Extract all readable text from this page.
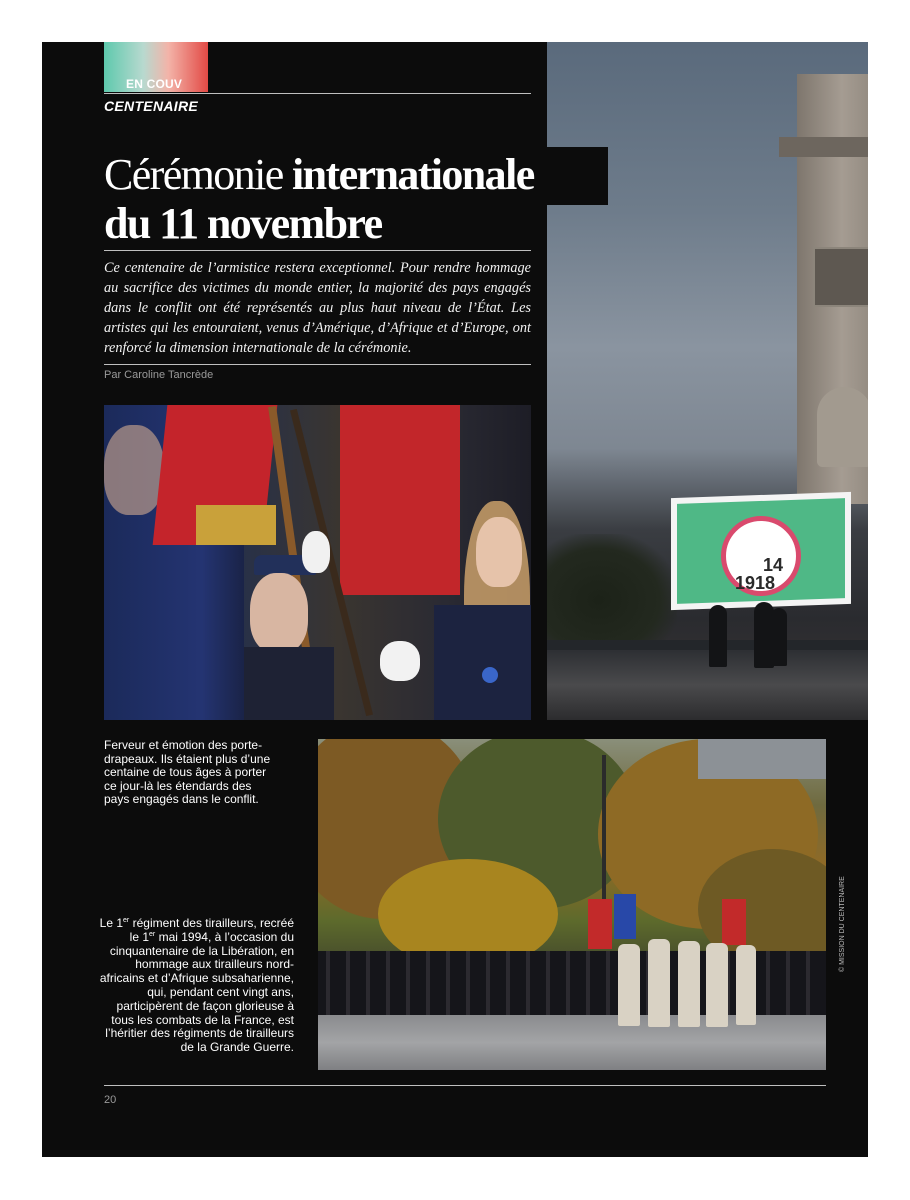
EN COUV
CENTENAIRE
14
1918
Cérémonie internationale
du 11 novembre

Ce centenaire de l’armistice restera exceptionnel. Pour rendre hommage au sacrifice des victimes du monde entier, la majorité des pays engagés dans le conflit ont été représentés au plus haut niveau de l’État. Les artistes qui les entouraient, venus d’Amérique, d’Afrique et d’Europe, ont renforcé la dimension internationale de la cérémonie.

Par Caroline Tancrède

Ferveur et émotion des porte-drapeaux. Ils étaient plus d’une centaine de tous âges à porter ce jour-là les étendards des pays engagés dans le conflit.

Le 1er régiment des tirailleurs, recréé le 1er mai 1994, à l’occasion du cinquantenaire de la Libération, en hommage aux tirailleurs nord-africains et d’Afrique subsaharienne, qui, pendant cent vingt ans, participèrent de façon glorieuse à tous les combats de la France, est l’héritier des régiments de tirailleurs de la Grande Guerre.

© MISSION DU CENTENAIRE
20
